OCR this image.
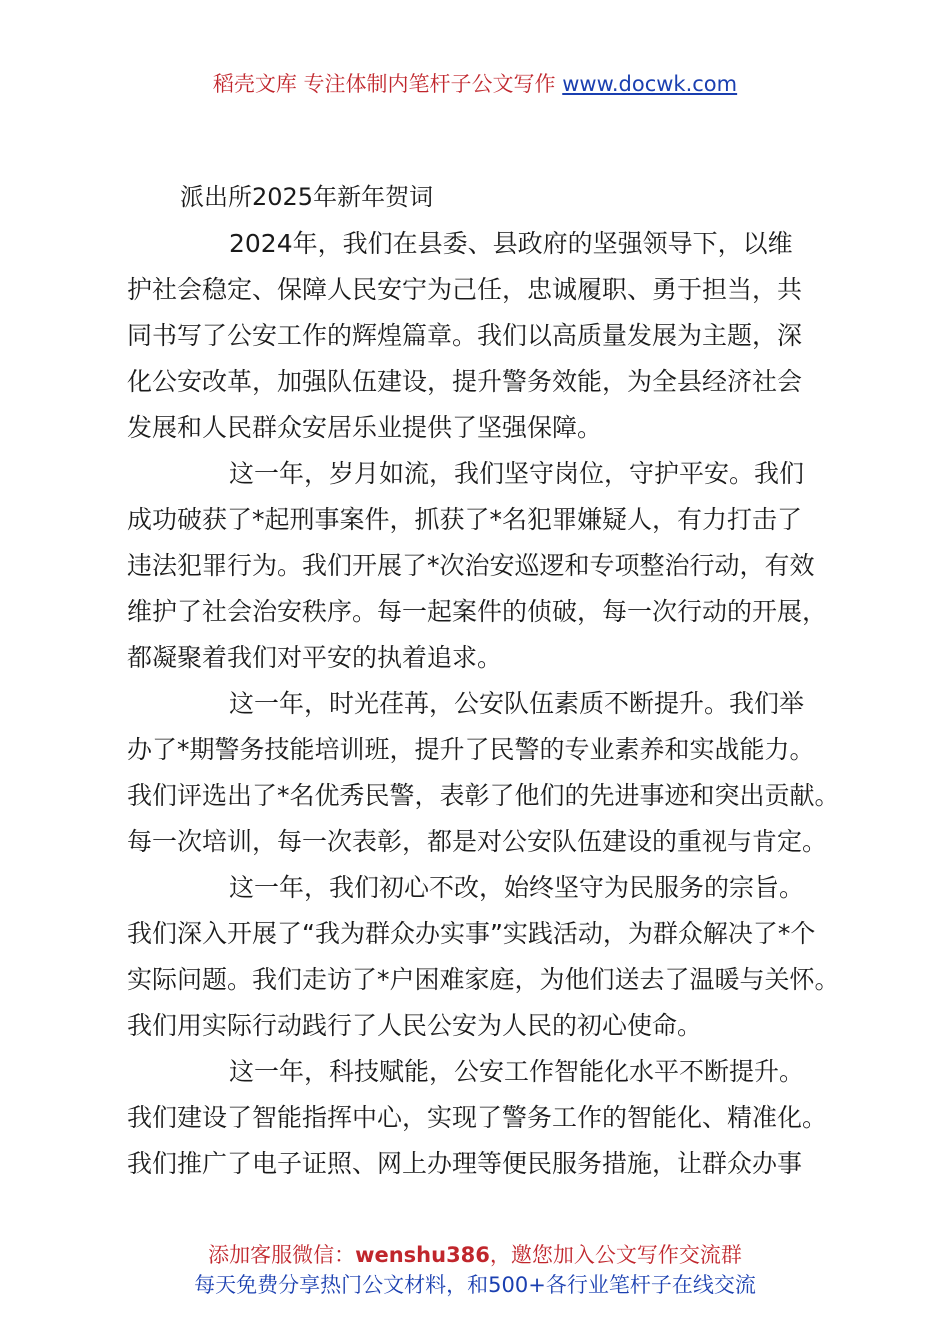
稻壳文库 专注体制内笔杆子公文写作 www.docwk.com
派出所2025年新年贺词
2024年，我们在县委、县政府的坚强领导下，以维
护社会稳定、保障人民安宁为己任，忠诚履职、勇于担当，共
同书写了公安工作的辉煌篇章。我们以高质量发展为主题，深
化公安改革，加强队伍建设，提升警务效能，为全县经济社会
发展和人民群众安居乐业提供了坚强保障。
这一年，岁月如流，我们坚守岗位，守护平安。我们
成功破获了*起刑事案件，抓获了*名犯罪嫌疑人，有力打击了
违法犯罪行为。我们开展了*次治安巡逻和专项整治行动，有效
维护了社会治安秩序。每一起案件的侦破，每一次行动的开展，
都凝聚着我们对平安的执着追求。
这一年，时光荏苒，公安队伍素质不断提升。我们举
办了*期警务技能培训班，提升了民警的专业素养和实战能力。
我们评选出了*名优秀民警，表彰了他们的先进事迹和突出贡献。
每一次培训，每一次表彰，都是对公安队伍建设的重视与肯定。
这一年，我们初心不改，始终坚守为民服务的宗旨。
我们深入开展了“我为群众办实事”实践活动，为群众解决了*个
实际问题。我们走访了*户困难家庭，为他们送去了温暖与关怀。
我们用实际行动践行了人民公安为人民的初心使命。
这一年，科技赋能，公安工作智能化水平不断提升。
我们建设了智能指挥中心，实现了警务工作的智能化、精准化。
我们推广了电子证照、网上办理等便民服务措施，让群众办事
添加客服微信：wenshu386，邀您加入公文写作交流群
每天免费分享热门公文材料，和500+各行业笔杆子在线交流
